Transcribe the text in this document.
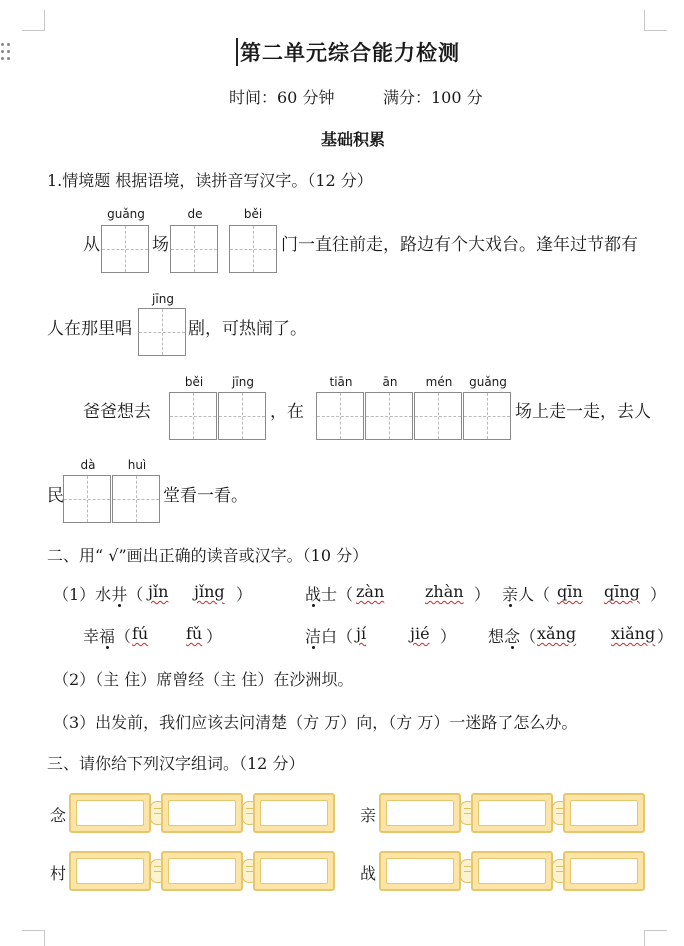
第二单元综合能力检测
时间：60 分钟	满分：100 分
基础积累
1.情境题 根据语境，读拼音写汉字。（12 分）
guǎng	de	běi
从	场	门一直往前走，路边有个大戏台。逢年过节都有
jīng
人在那里唱	剧，可热闹了。
běi	jīng	tiān	ān	mén	guǎng
爸爸想去	，在	场上走一走，去人
dà	huì
民	堂看一看。
二、用“ √”画出正确的读音或汉字。（10 分）
（1）水井（ jǐn jǐng ）	战士（ zàn	zhàn ） 亲人（ qīn qīng ）
幸福（ fú fǔ ）	洁白（ jí	jié ） 想念（ xǎng xiǎng ）
（2）（主 住）席曾经（主 住）在沙洲坝。
（3）出发前，我们应该去问清楚（方 万）向，（方 万）一迷路了怎么办。
三、请你给下列汉字组词。（12 分）
念	亲
村	战
